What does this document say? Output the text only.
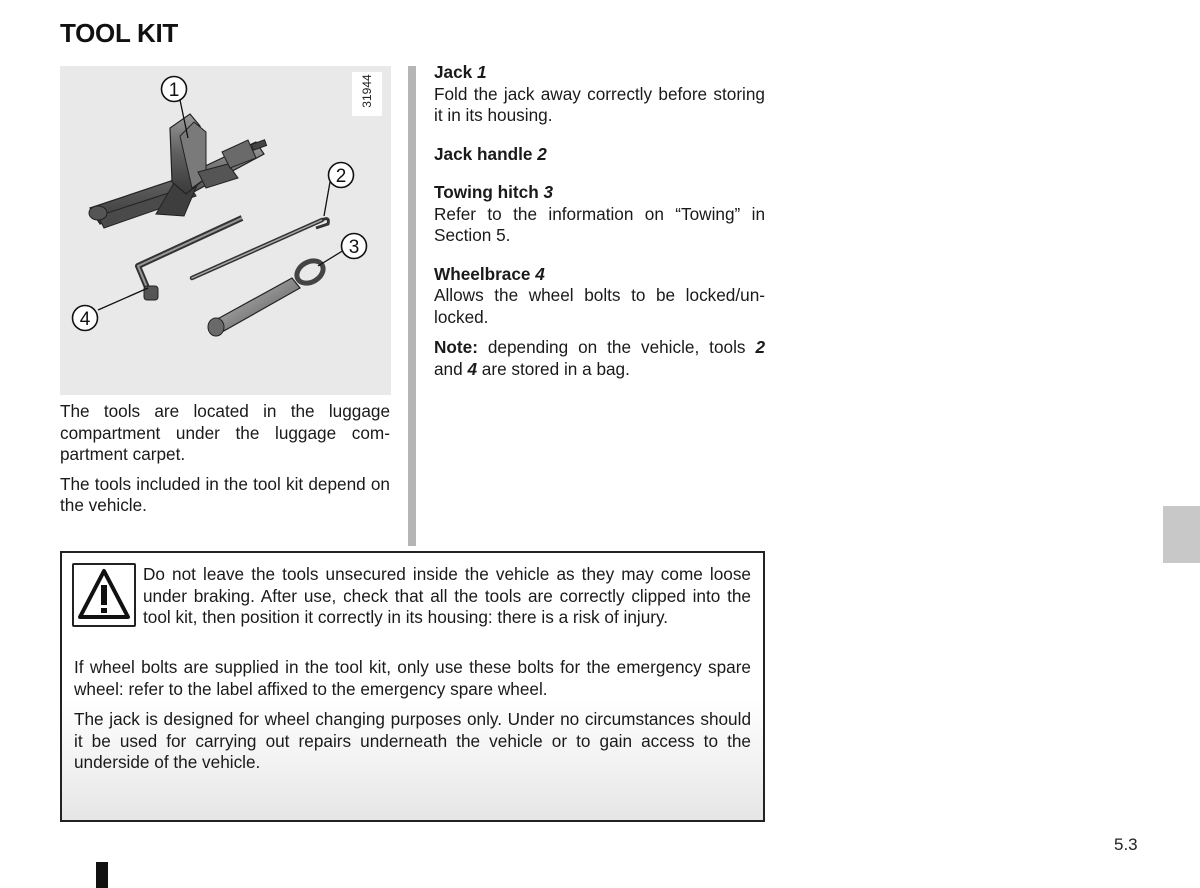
TOOL KIT
1
2
3
4
31944

The tools are located in the luggage compartment under the luggage compartment carpet.

The tools included in the tool kit depend on the vehicle.

Jack 1
Fold the jack away correctly before storing it in its housing.
Jack handle 2
Towing hitch 3
Refer to the information on “Towing” in Section 5.
Wheelbrace 4
Allows the wheel bolts to be locked/unlocked.
Note: depending on the vehicle, tools 2 and 4 are stored in a bag.
Do not leave the tools unsecured inside the vehicle as they may come loose under braking. After use, check that all the tools are correctly clipped into the tool kit, then position it correctly in its housing: there is a risk of injury.

If wheel bolts are supplied in the tool kit, only use these bolts for the emergency spare wheel: refer to the label affixed to the emergency spare wheel.

The jack is designed for wheel changing purposes only. Under no circumstances should it be used for carrying out repairs underneath the vehicle or to gain access to the underside of the vehicle.

5.3
